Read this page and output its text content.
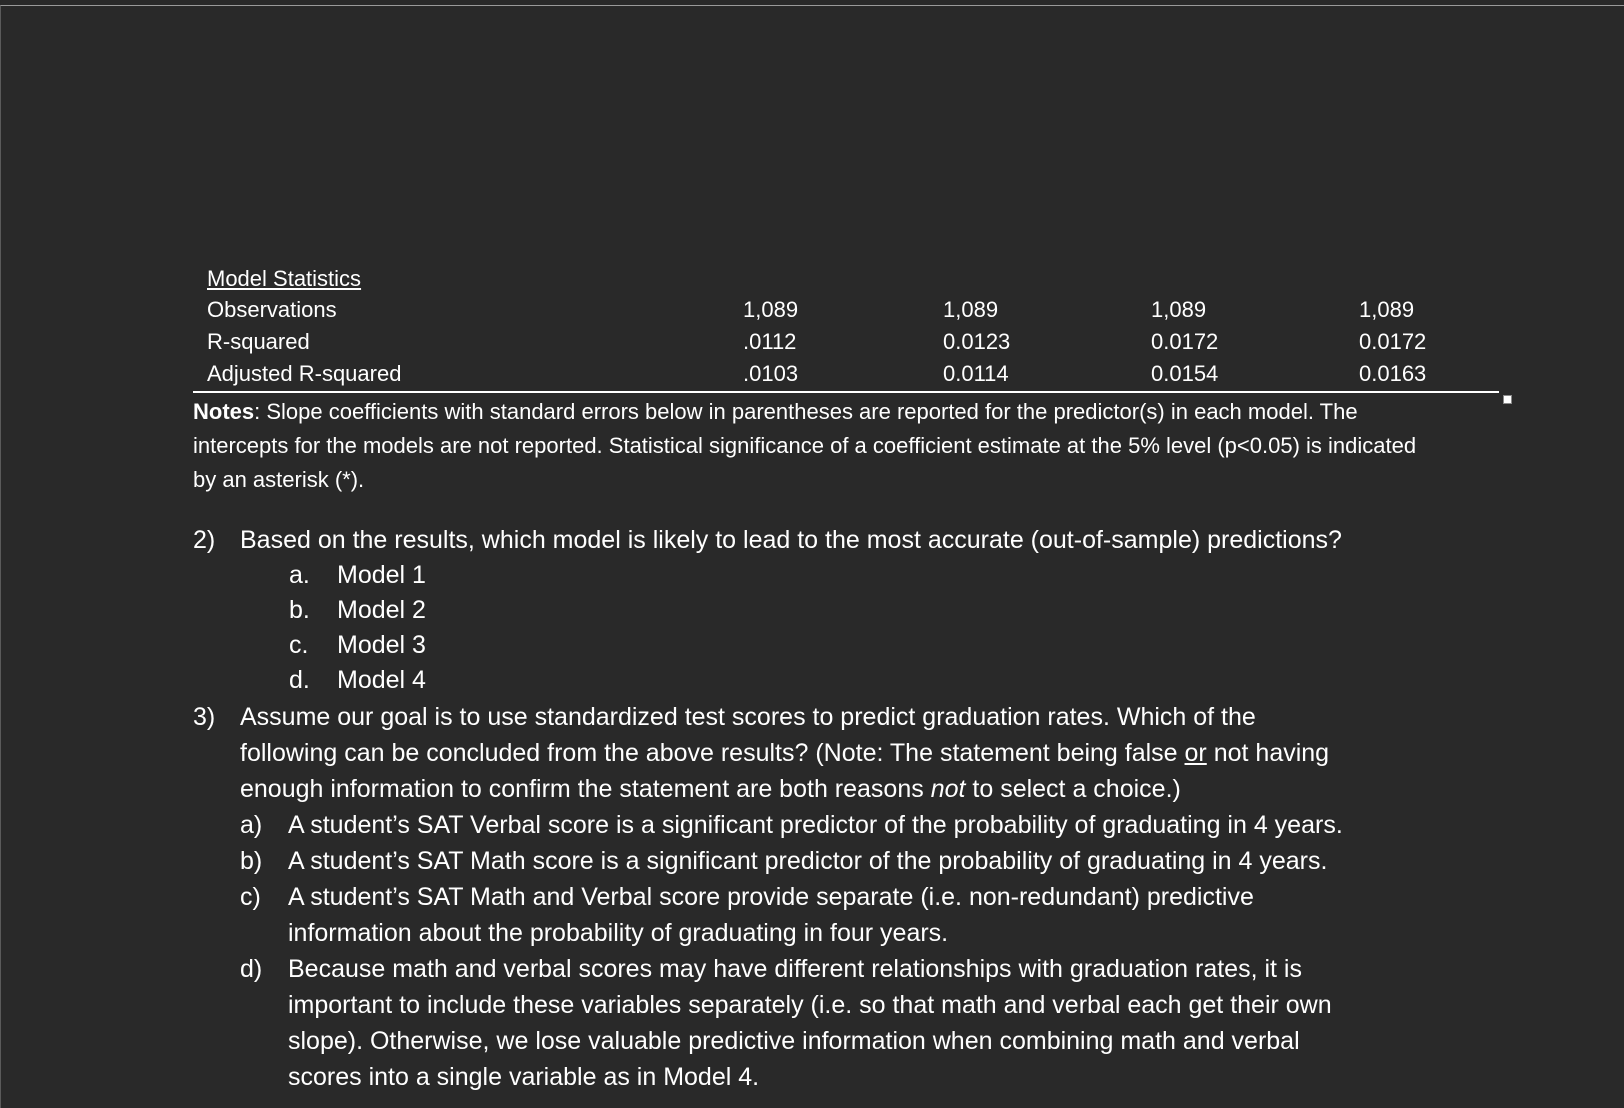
Model Statistics
Observations	1,089	1,089	1,089	1,089
R-squared	.0112	0.0123	0.0172	0.0172
Adjusted R-squared	.0103	0.0114	0.0154	0.0163
Notes: Slope coefficients with standard errors below in parentheses are reported for the predictor(s) in each model. The intercepts for the models are not reported. Statistical significance of a coefficient estimate at the 5% level (p<0.05) is indicated by an asterisk (*).
2) Based on the results, which model is likely to lead to the most accurate (out-of-sample) predictions?
a. Model 1
b. Model 2
c. Model 3
d. Model 4
3) Assume our goal is to use standardized test scores to predict graduation rates. Which of the
following can be concluded from the above results? (Note: The statement being false or not having
enough information to confirm the statement are both reasons not to select a choice.)
a) A student’s SAT Verbal score is a significant predictor of the probability of graduating in 4 years.
b) A student’s SAT Math score is a significant predictor of the probability of graduating in 4 years.
c) A student’s SAT Math and Verbal score provide separate (i.e. non-redundant) predictive
information about the probability of graduating in four years.
d) Because math and verbal scores may have different relationships with graduation rates, it is
important to include these variables separately (i.e. so that math and verbal each get their own
slope). Otherwise, we lose valuable predictive information when combining math and verbal
scores into a single variable as in Model 4.
